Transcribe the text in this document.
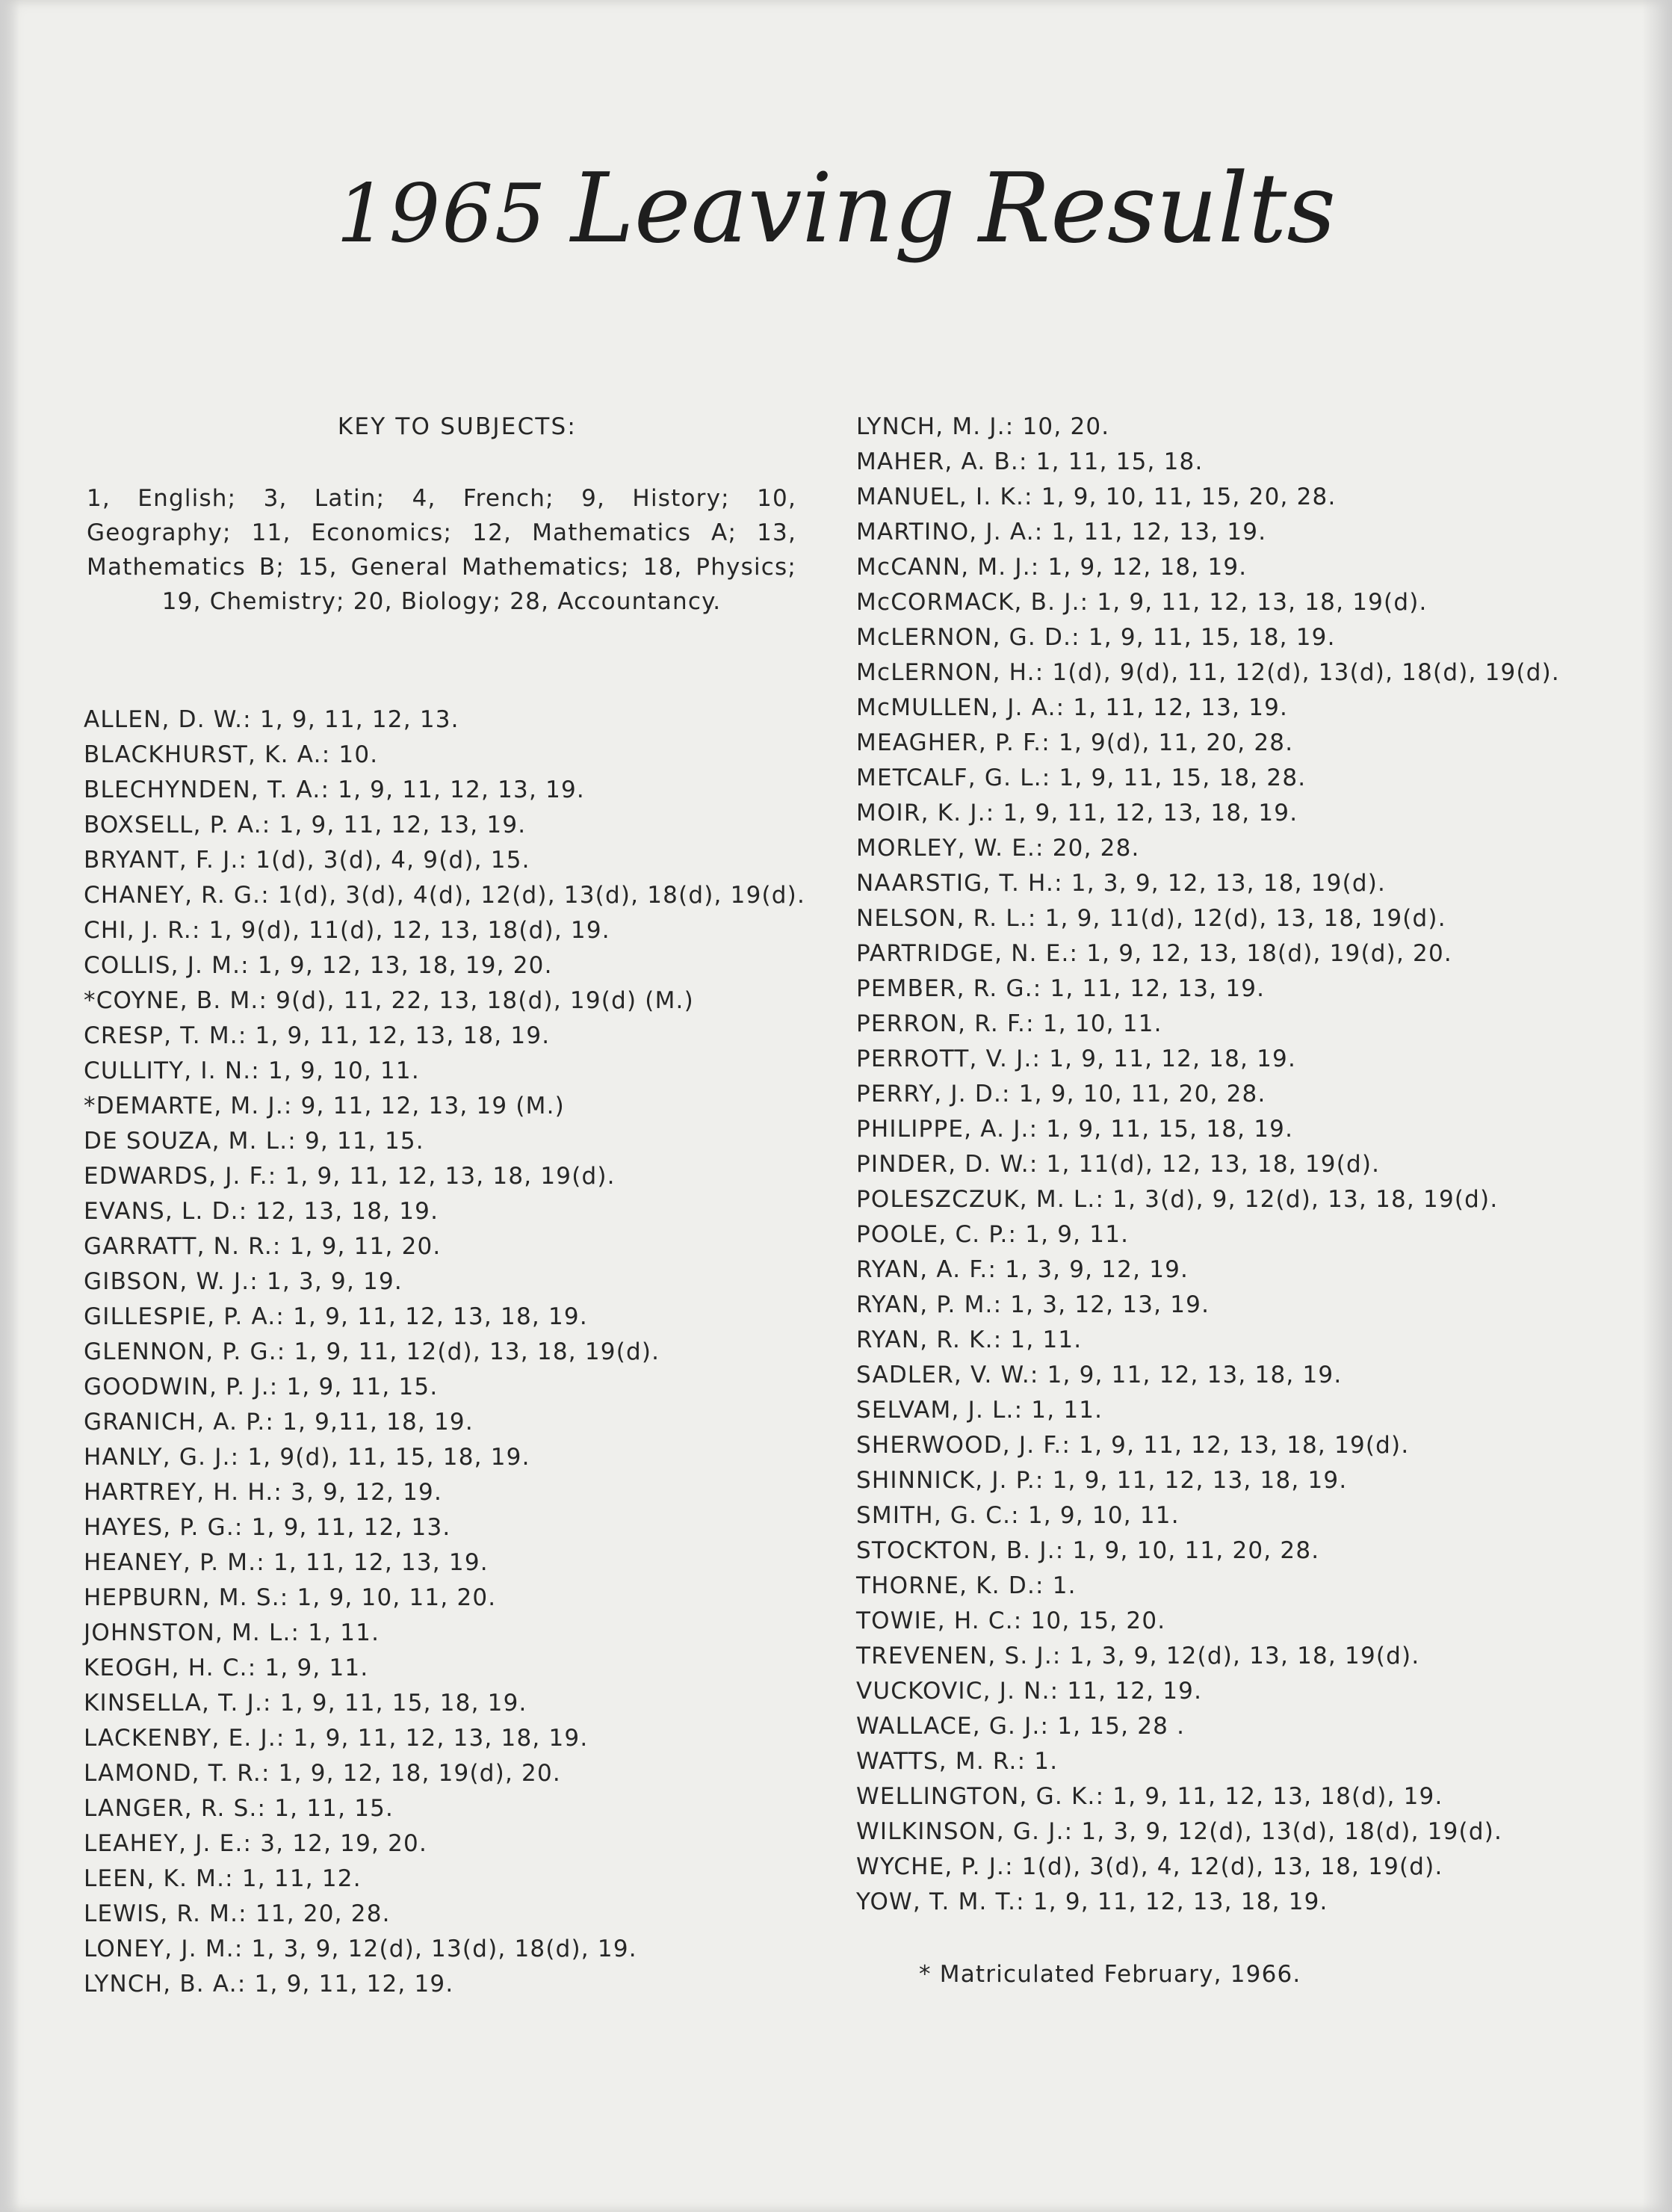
1965 Leaving Results
KEY TO SUBJECTS:
1, English; 3, Latin; 4, French; 9, History; 10, Geography; 11, Economics; 12, Mathematics A; 13, Mathematics B; 15, General Mathematics; 18, Physics; 19, Chemistry; 20, Biology; 28, Accountancy.
ALLEN, D. W.: 1, 9, 11, 12, 13.
BLACKHURST, K. A.: 10.
BLECHYNDEN, T. A.: 1, 9, 11, 12, 13, 19.
BOXSELL, P. A.: 1, 9, 11, 12, 13, 19.
BRYANT, F. J.: 1(d), 3(d), 4, 9(d), 15.
CHANEY, R. G.: 1(d), 3(d), 4(d), 12(d), 13(d), 18(d), 19(d).
CHI, J. R.: 1, 9(d), 11(d), 12, 13, 18(d), 19.
COLLIS, J. M.: 1, 9, 12, 13, 18, 19, 20.
*COYNE, B. M.: 9(d), 11, 22, 13, 18(d), 19(d) (M.)
CRESP, T. M.: 1, 9, 11, 12, 13, 18, 19.
CULLITY, I. N.: 1, 9, 10, 11.
*DEMARTE, M. J.: 9, 11, 12, 13, 19 (M.)
DE SOUZA, M. L.: 9, 11, 15.
EDWARDS, J. F.: 1, 9, 11, 12, 13, 18, 19(d).
EVANS, L. D.: 12, 13, 18, 19.
GARRATT, N. R.: 1, 9, 11, 20.
GIBSON, W. J.: 1, 3, 9, 19.
GILLESPIE, P. A.: 1, 9, 11, 12, 13, 18, 19.
GLENNON, P. G.: 1, 9, 11, 12(d), 13, 18, 19(d).
GOODWIN, P. J.: 1, 9, 11, 15.
GRANICH, A. P.: 1, 9,11, 18, 19.
HANLY, G. J.: 1, 9(d), 11, 15, 18, 19.
HARTREY, H. H.: 3, 9, 12, 19.
HAYES, P. G.: 1, 9, 11, 12, 13.
HEANEY, P. M.: 1, 11, 12, 13, 19.
HEPBURN, M. S.: 1, 9, 10, 11, 20.
JOHNSTON, M. L.: 1, 11.
KEOGH, H. C.: 1, 9, 11.
KINSELLA, T. J.: 1, 9, 11, 15, 18, 19.
LACKENBY, E. J.: 1, 9, 11, 12, 13, 18, 19.
LAMOND, T. R.: 1, 9, 12, 18, 19(d), 20.
LANGER, R. S.: 1, 11, 15.
LEAHEY, J. E.: 3, 12, 19, 20.
LEEN, K. M.: 1, 11, 12.
LEWIS, R. M.: 11, 20, 28.
LONEY, J. M.: 1, 3, 9, 12(d), 13(d), 18(d), 19.
LYNCH, B. A.: 1, 9, 11, 12, 19.
LYNCH, M. J.: 10, 20.
MAHER, A. B.: 1, 11, 15, 18.
MANUEL, I. K.: 1, 9, 10, 11, 15, 20, 28.
MARTINO, J. A.: 1, 11, 12, 13, 19.
McCANN, M. J.: 1, 9, 12, 18, 19.
McCORMACK, B. J.: 1, 9, 11, 12, 13, 18, 19(d).
McLERNON, G. D.: 1, 9, 11, 15, 18, 19.
McLERNON, H.: 1(d), 9(d), 11, 12(d), 13(d), 18(d), 19(d).
McMULLEN, J. A.: 1, 11, 12, 13, 19.
MEAGHER, P. F.: 1, 9(d), 11, 20, 28.
METCALF, G. L.: 1, 9, 11, 15, 18, 28.
MOIR, K. J.: 1, 9, 11, 12, 13, 18, 19.
MORLEY, W. E.: 20, 28.
NAARSTIG, T. H.: 1, 3, 9, 12, 13, 18, 19(d).
NELSON, R. L.: 1, 9, 11(d), 12(d), 13, 18, 19(d).
PARTRIDGE, N. E.: 1, 9, 12, 13, 18(d), 19(d), 20.
PEMBER, R. G.: 1, 11, 12, 13, 19.
PERRON, R. F.: 1, 10, 11.
PERROTT, V. J.: 1, 9, 11, 12, 18, 19.
PERRY, J. D.: 1, 9, 10, 11, 20, 28.
PHILIPPE, A. J.: 1, 9, 11, 15, 18, 19.
PINDER, D. W.: 1, 11(d), 12, 13, 18, 19(d).
POLESZCZUK, M. L.: 1, 3(d), 9, 12(d), 13, 18, 19(d).
POOLE, C. P.: 1, 9, 11.
RYAN, A. F.: 1, 3, 9, 12, 19.
RYAN, P. M.: 1, 3, 12, 13, 19.
RYAN, R. K.: 1, 11.
SADLER, V. W.: 1, 9, 11, 12, 13, 18, 19.
SELVAM, J. L.: 1, 11.
SHERWOOD, J. F.: 1, 9, 11, 12, 13, 18, 19(d).
SHINNICK, J. P.: 1, 9, 11, 12, 13, 18, 19.
SMITH, G. C.: 1, 9, 10, 11.
STOCKTON, B. J.: 1, 9, 10, 11, 20, 28.
THORNE, K. D.: 1.
TOWIE, H. C.: 10, 15, 20.
TREVENEN, S. J.: 1, 3, 9, 12(d), 13, 18, 19(d).
VUCKOVIC, J. N.: 11, 12, 19.
WALLACE, G. J.: 1, 15, 28 .
WATTS, M. R.: 1.
WELLINGTON, G. K.: 1, 9, 11, 12, 13, 18(d), 19.
WILKINSON, G. J.: 1, 3, 9, 12(d), 13(d), 18(d), 19(d).
WYCHE, P. J.: 1(d), 3(d), 4, 12(d), 13, 18, 19(d).
YOW, T. M. T.: 1, 9, 11, 12, 13, 18, 19.
* Matriculated February, 1966.
